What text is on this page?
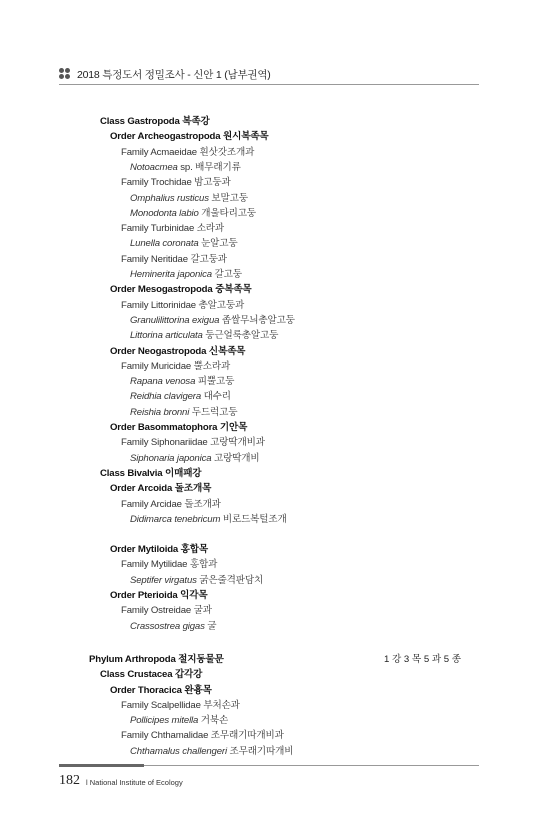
2018 특정도서 정밀조사 - 신안 1 (남부권역)
Class Gastropoda 복족강
Order Archeogastropoda 원시복족목
Family Acmaeidae 흰삿갓조개과
Notoacmea sp. 배무래기류
Family Trochidae 밤고둥과
Omphalius rusticus 보말고둥
Monodonta labio 개울타리고둥
Family Turbinidae 소라과
Lunella coronata 눈알고둥
Family Neritidae 갈고둥과
Heminerita japonica 갈고둥
Order Mesogastropoda 중복족목
Family Littorinidae 총알고둥과
Granulilittorina exigua 좁쌀무늬총알고둥
Littorina articulata 둥근얼룩총알고둥
Order Neogastropoda 신복족목
Family Muricidae 뿔소라과
Rapana venosa 피뿔고둥
Reidhia clavigera 대수리
Reishia bronni 두드럭고둥
Order Basommatophora 기안목
Family Siphonariidae 고랑딱개비과
Siphonaria japonica 고랑딱개비
Class Bivalvia 이매패강
Order Arcoida 돌조개목
Family Arcidae 돌조개과
Didimarca tenebricum 비로드복털조개
Order Mytiloida 홍합목
Family Mytilidae 홍합과
Septifer virgatus 굵은줄격판담치
Order Pterioida 익각목
Family Ostreidae 굴과
Crassostrea gigas 굴
Phylum Arthropoda 절지동물문	1 강 3 목 5 과 5 종
Class Crustacea 갑각강
Order Thoracica 완흉목
Family Scalpellidae 부처손과
Pollicipes mitella 거북손
Family Chthamalidae 조무래기따개비과
Chthamalus challengeri 조무래기따개비
182 l National Institute of Ecology
